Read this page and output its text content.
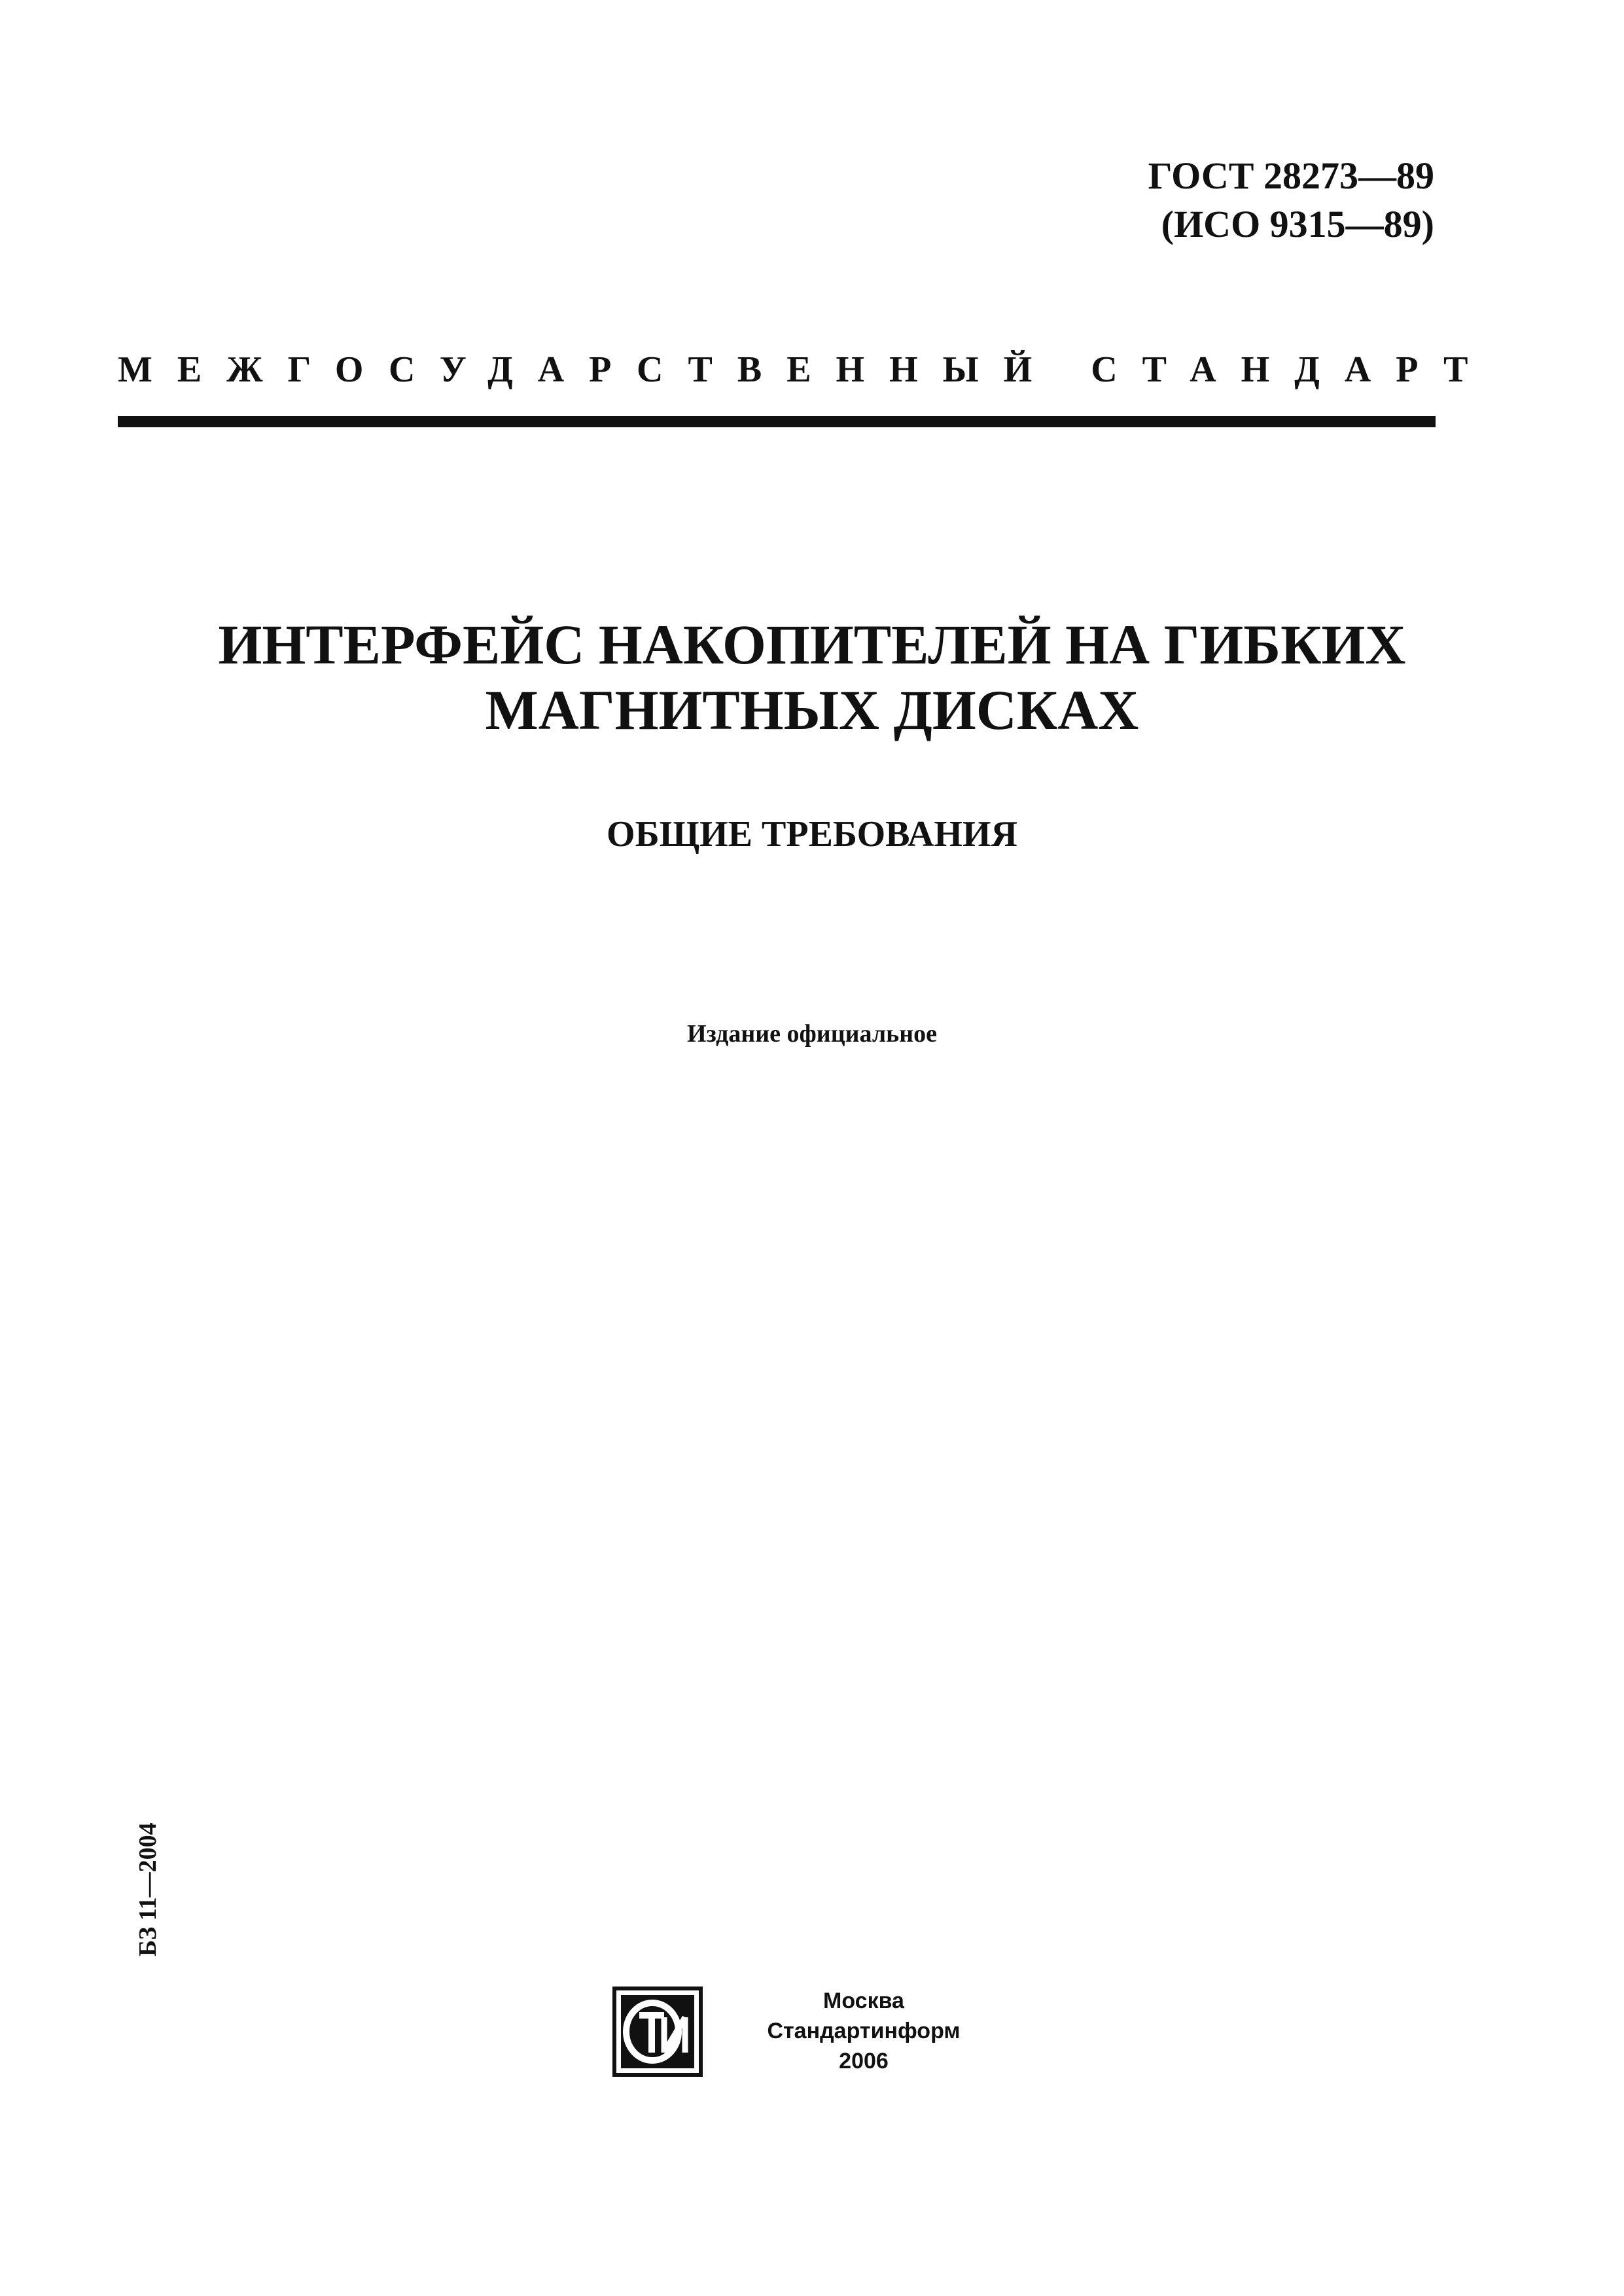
ГОСТ 28273—89
(ИСО 9315—89)
МЕЖГОСУДАРСТВЕННЫЙ СТАНДАРТ
ИНТЕРФЕЙС НАКОПИТЕЛЕЙ НА ГИБКИХ
МАГНИТНЫХ ДИСКАХ
ОБЩИЕ ТРЕБОВАНИЯ
Издание официальное
БЗ 11—2004
Москва
Стандартинформ
2006
